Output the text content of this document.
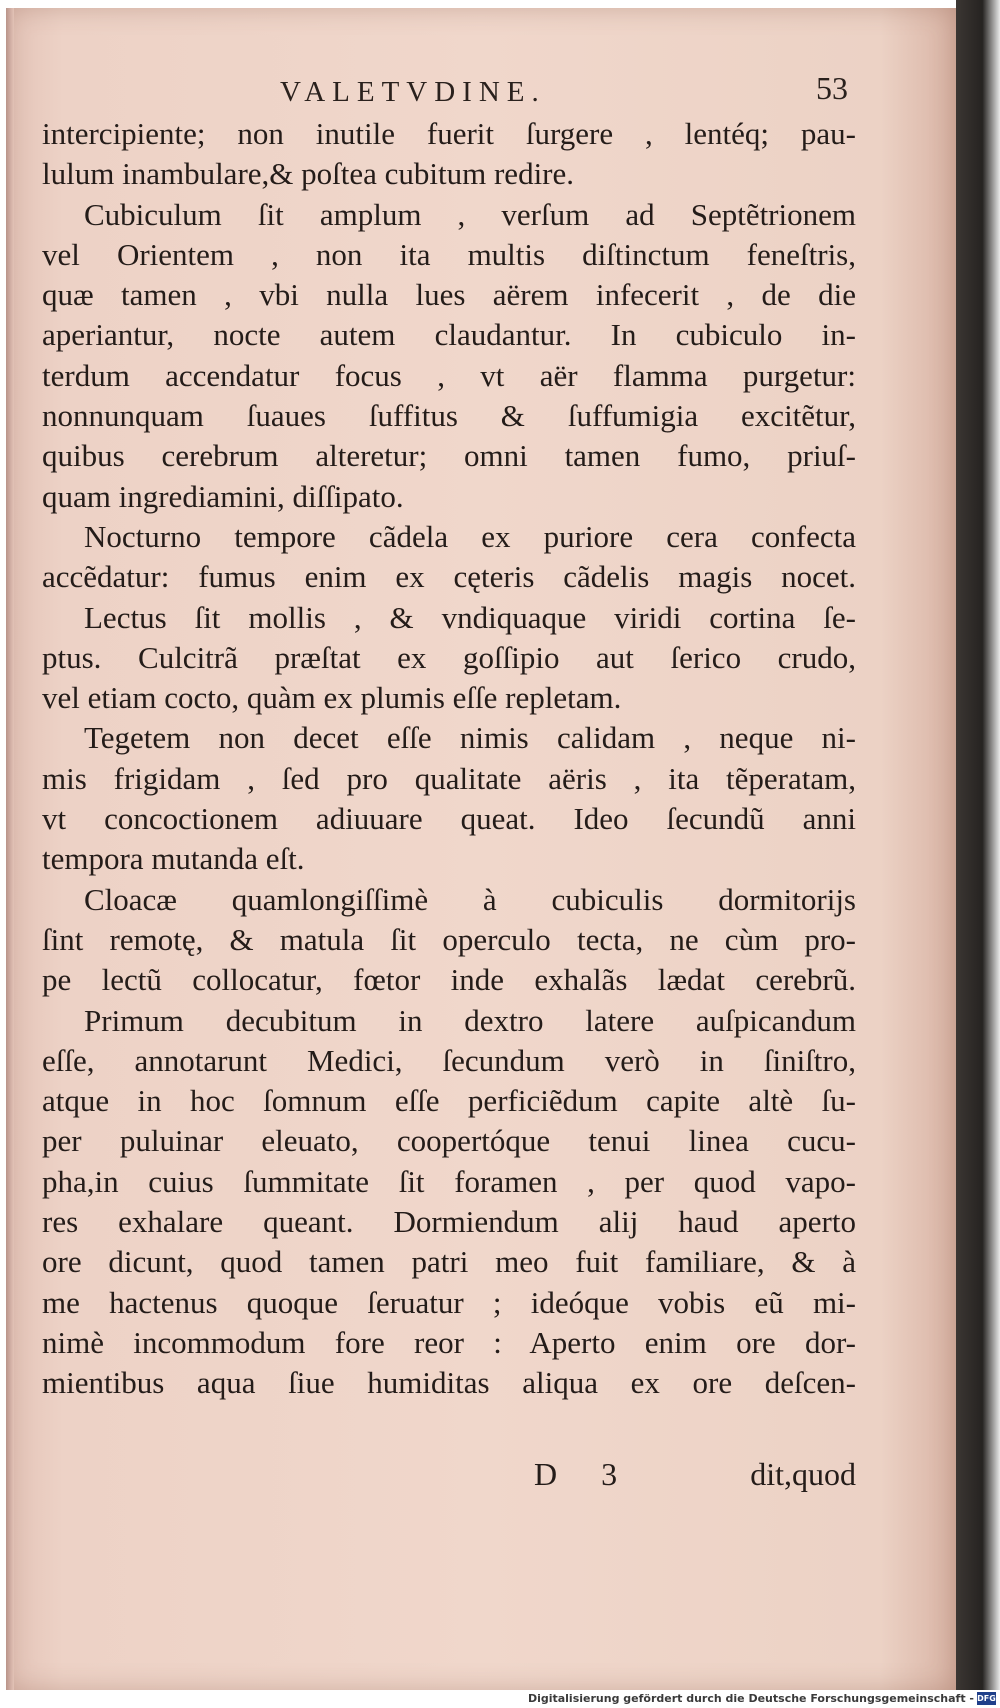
VALETVDINE.	53
intercipiente; non inutile fuerit ſurgere , lentéq; pau-
lulum inambulare,& poſtea cubitum redire.
Cubiculum ſit amplum , verſum ad Septẽtrionem
vel Orientem , non ita multis diſtinctum feneſtris,
quæ tamen , vbi nulla lues aërem infecerit , de die
aperiantur, nocte autem claudantur. In cubiculo in-
terdum accendatur focus , vt aër flamma purgetur:
nonnunquam ſuaues ſuffitus & ſuffumigia excitẽtur,
quibus cerebrum alteretur; omni tamen fumo, priuſ-
quam ingrediamini, diſſipato.
Nocturno tempore cãdela ex puriore cera confecta
accẽdatur: fumus enim ex cęteris cãdelis magis nocet.
Lectus ſit mollis , & vndiquaque viridi cortina ſe-
ptus. Culcitrã præſtat ex goſſipio aut ſerico crudo,
vel etiam cocto, quàm ex plumis eſſe repletam.
Tegetem non decet eſſe nimis calidam , neque ni-
mis frigidam , ſed pro qualitate aëris , ita tẽperatam,
vt concoctionem adiuuare queat. Ideo ſecundũ anni
tempora mutanda eſt.
Cloacæ quamlongiſſimè à cubiculis dormitorijs
ſint remotę, & matula ſit operculo tecta, ne cùm pro-
pe lectũ collocatur, fœtor inde exhalãs lædat cerebrũ.
Primum decubitum in dextro latere auſpicandum
eſſe, annotarunt Medici, ſecundum verò in ſiniſtro,
atque in hoc ſomnum eſſe perficiẽdum capite altè ſu-
per puluinar eleuato, coopertóque tenui linea cucu-
pha,in cuius ſummitate ſit foramen , per quod vapo-
res exhalare queant. Dormiendum alij haud aperto
ore dicunt, quod tamen patri meo fuit familiare, & à
me hactenus quoque ſeruatur ; ideóque vobis eũ mi-
nimè incommodum fore reor : Aperto enim ore dor-
mientibus aqua ſiue humiditas aliqua ex ore deſcen-
D 3	dit,quod
Digitalisierung gefördert durch die Deutsche Forschungsgemeinschaft - DFG
